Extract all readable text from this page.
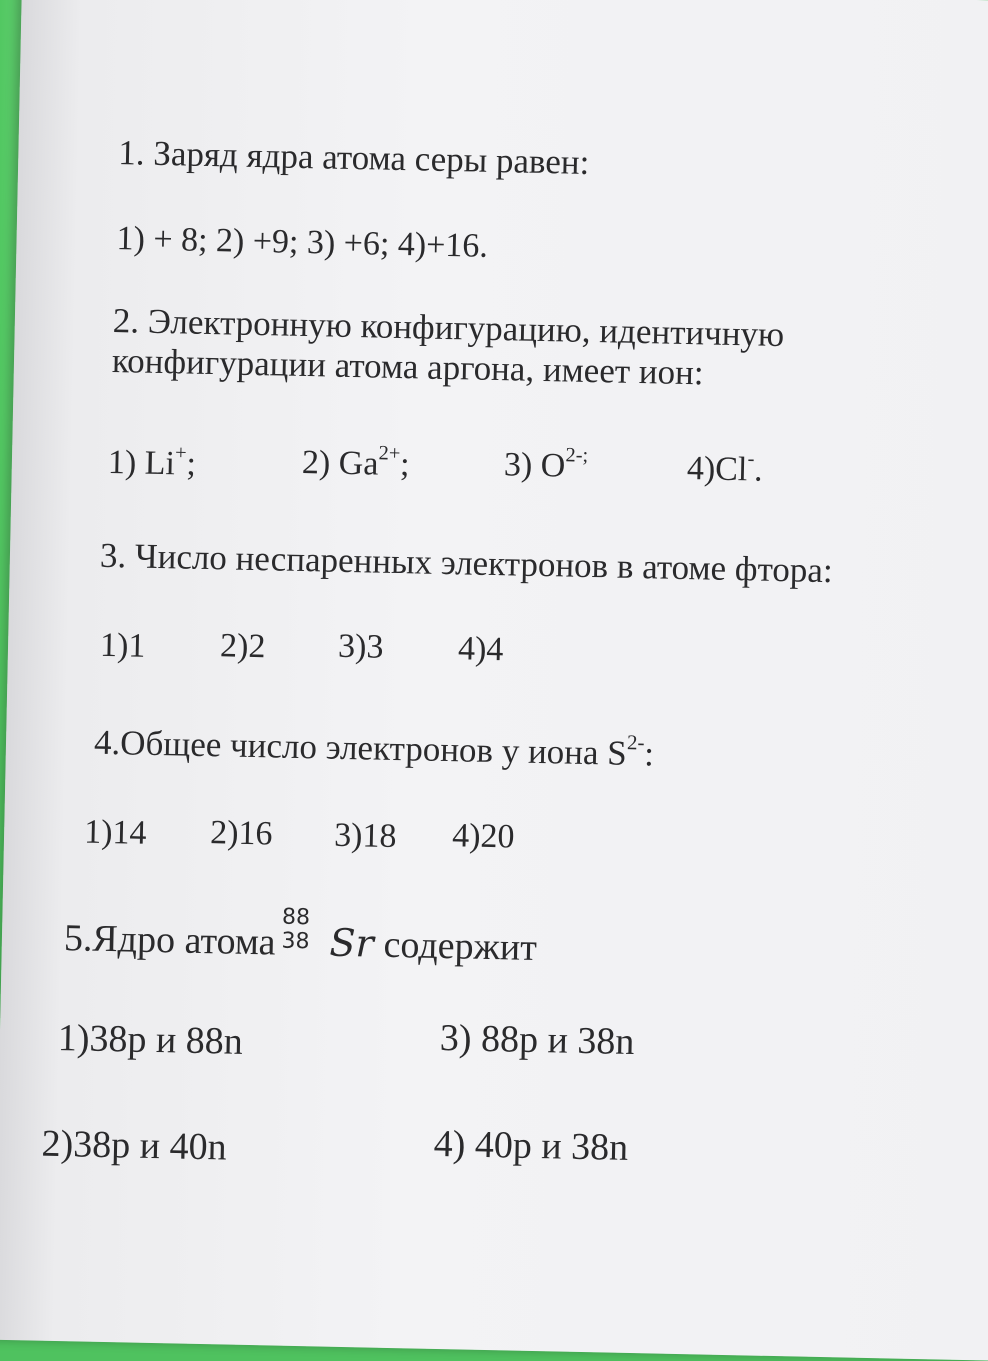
1. Заряд ядра атома серы равен:

1) + 8; 2) +9; 3) +6; 4)+16.

2. Электронную конфигурацию, идентичную

конфигурации атома аргона, имеет ион:

1) Li+;	2) $Ga^{2+}$;	3) $O^{2-;}$	4)Cl-.

3. Число неспаренных электронов в атоме фтора:

1)1 2)2 3)3 4)4

4.Общее число электронов у иона $S^{2-}$:

1)14 2)16 3)18 4)20

5.Ядро атома 88
38 Sr содержит

1)38р и 88n	3) 88р и 38n

2)38р и 40n	4) 40р и 38n
